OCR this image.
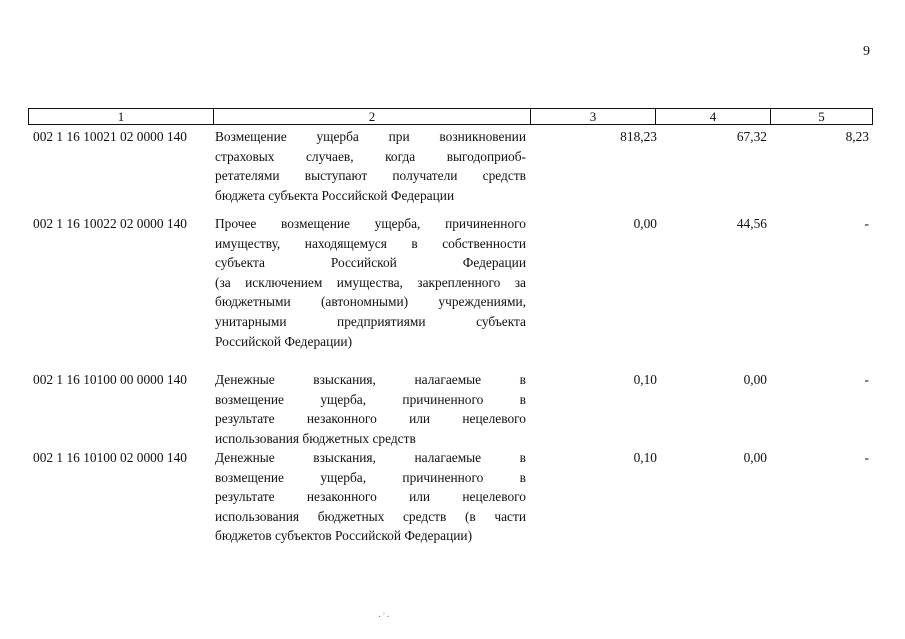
9
1	2	3	4	5
002 1 16 10021 02 0000 140	Возмещение ущерба при возникновении
страховых случаев, когда выгодоприоб-
ретателями выступают получатели средств
бюджета субъекта Российской Федерации
818,23	67,32	8,23
002 1 16 10022 02 0000 140	Прочее возмещение ущерба, причиненного
имуществу, находящемуся в собственности
субъекта Российской Федерации
(за исключением имущества, закрепленного за
бюджетными (автономными) учреждениями,
унитарными предприятиями субъекта
Российской Федерации)
0,00	44,56	-
002 1 16 10100 00 0000 140	Денежные взыскания, налагаемые в
возмещение ущерба, причиненного в
результате незаконного или нецелевого
использования бюджетных средств
0,10	0,00	-
002 1 16 10100 02 0000 140	Денежные взыскания, налагаемые в
возмещение ущерба, причиненного в
результате незаконного или нецелевого
использования бюджетных средств (в части
бюджетов субъектов Российской Федерации)
0,10	0,00	-
· ͗ ·
